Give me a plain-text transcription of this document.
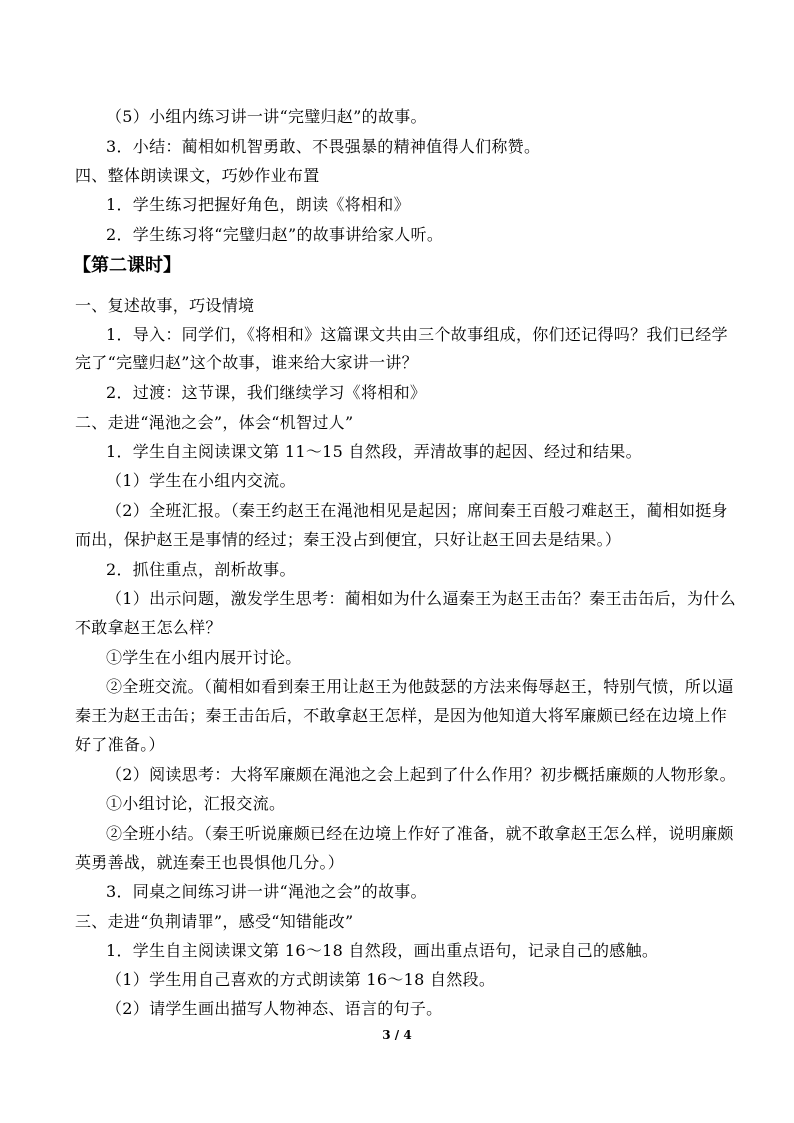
（5）小组内练习讲一讲“完璧归赵”的故事。
3．小结：蔺相如机智勇敢、不畏强暴的精神值得人们称赞。
四、整体朗读课文，巧妙作业布置
1．学生练习把握好角色，朗读《将相和》
2．学生练习将“完璧归赵”的故事讲给家人听。
【第二课时】
一、复述故事，巧设情境
1．导入：同学们，《将相和》这篇课文共由三个故事组成，你们还记得吗？我们已经学
完了“完璧归赵”这个故事，谁来给大家讲一讲？
2．过渡：这节课，我们继续学习《将相和》
二、走进“渑池之会”，体会“机智过人”
1．学生自主阅读课文第 11～15 自然段，弄清故事的起因、经过和结果。
（1）学生在小组内交流。
（2）全班汇报。（秦王约赵王在渑池相见是起因；席间秦王百般刁难赵王，蔺相如挺身
而出，保护赵王是事情的经过；秦王没占到便宜，只好让赵王回去是结果。）
2．抓住重点，剖析故事。
（1）出示问题，激发学生思考：蔺相如为什么逼秦王为赵王击缶？秦王击缶后，为什么
不敢拿赵王怎么样？
①学生在小组内展开讨论。
②全班交流。（蔺相如看到秦王用让赵王为他鼓瑟的方法来侮辱赵王，特别气愤，所以逼
秦王为赵王击缶；秦王击缶后，不敢拿赵王怎样，是因为他知道大将军廉颇已经在边境上作
好了准备。）
（2）阅读思考：大将军廉颇在渑池之会上起到了什么作用？初步概括廉颇的人物形象。
①小组讨论，汇报交流。
②全班小结。（秦王听说廉颇已经在边境上作好了准备，就不敢拿赵王怎么样，说明廉颇
英勇善战，就连秦王也畏惧他几分。）
3．同桌之间练习讲一讲“渑池之会”的故事。
三、走进“负荆请罪”，感受“知错能改”
1．学生自主阅读课文第 16～18 自然段，画出重点语句，记录自己的感触。
（1）学生用自己喜欢的方式朗读第 16～18 自然段。
（2）请学生画出描写人物神态、语言的句子。
3 / 4
